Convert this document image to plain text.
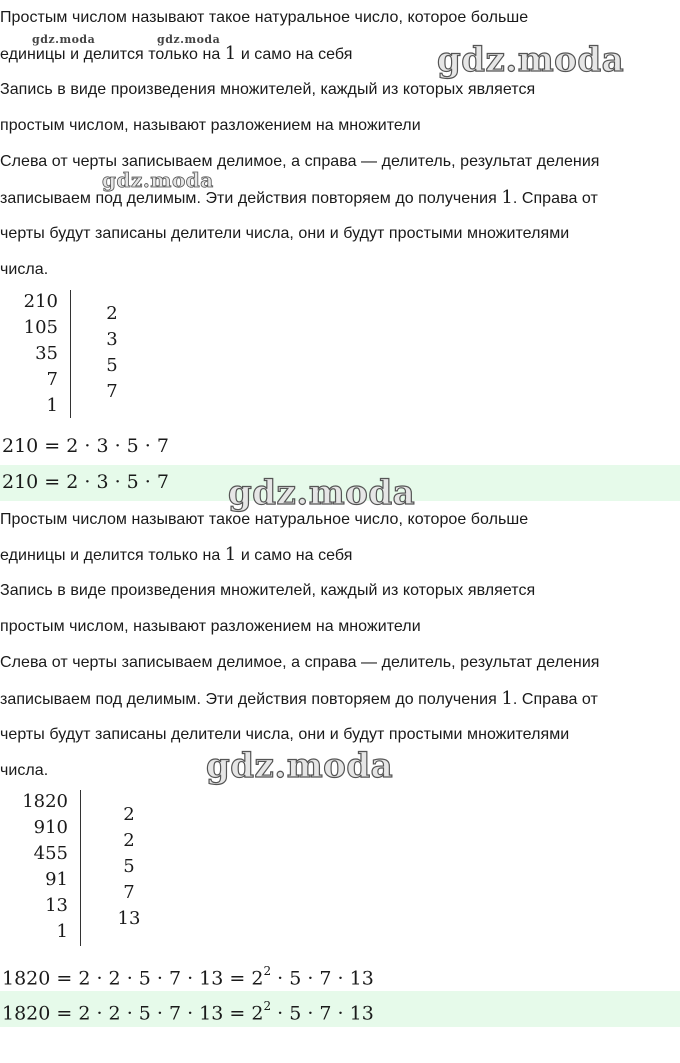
Простым числом называют такое натуральное число, которое больше
единицы и делится только на 1 и само на себя
Запись в виде произведения множителей, каждый из которых является
простым числом, называют разложением на множители
Слева от черты записываем делимое, а справа — делитель, результат деления
записываем под делимым. Эти действия повторяем до получения 1. Справа от
черты будут записаны делители числа, они и будут простыми множителями
числа.
210
105
35
7
1
2
3
5
7
210 = 2 · 3 · 5 · 7
210 = 2 · 3 · 5 · 7
Простым числом называют такое натуральное число, которое больше
единицы и делится только на 1 и само на себя
Запись в виде произведения множителей, каждый из которых является
простым числом, называют разложением на множители
Слева от черты записываем делимое, а справа — делитель, результат деления
записываем под делимым. Эти действия повторяем до получения 1. Справа от
черты будут записаны делители числа, они и будут простыми множителями
числа.
1820
910
455
91
13
1
2
2
5
7
13
$1820 = 2 \cdot 2 \cdot 5 \cdot 7 \cdot 13 = 2^2 \cdot 5 \cdot 7 \cdot 13$
$1820 = 2 \cdot 2 \cdot 5 \cdot 7 \cdot 13 = 2^2 \cdot 5 \cdot 7 \cdot 13$
gdz.moda	gdz.moda
gdz.moda
gdz.moda
gdz.moda
gdz.moda
